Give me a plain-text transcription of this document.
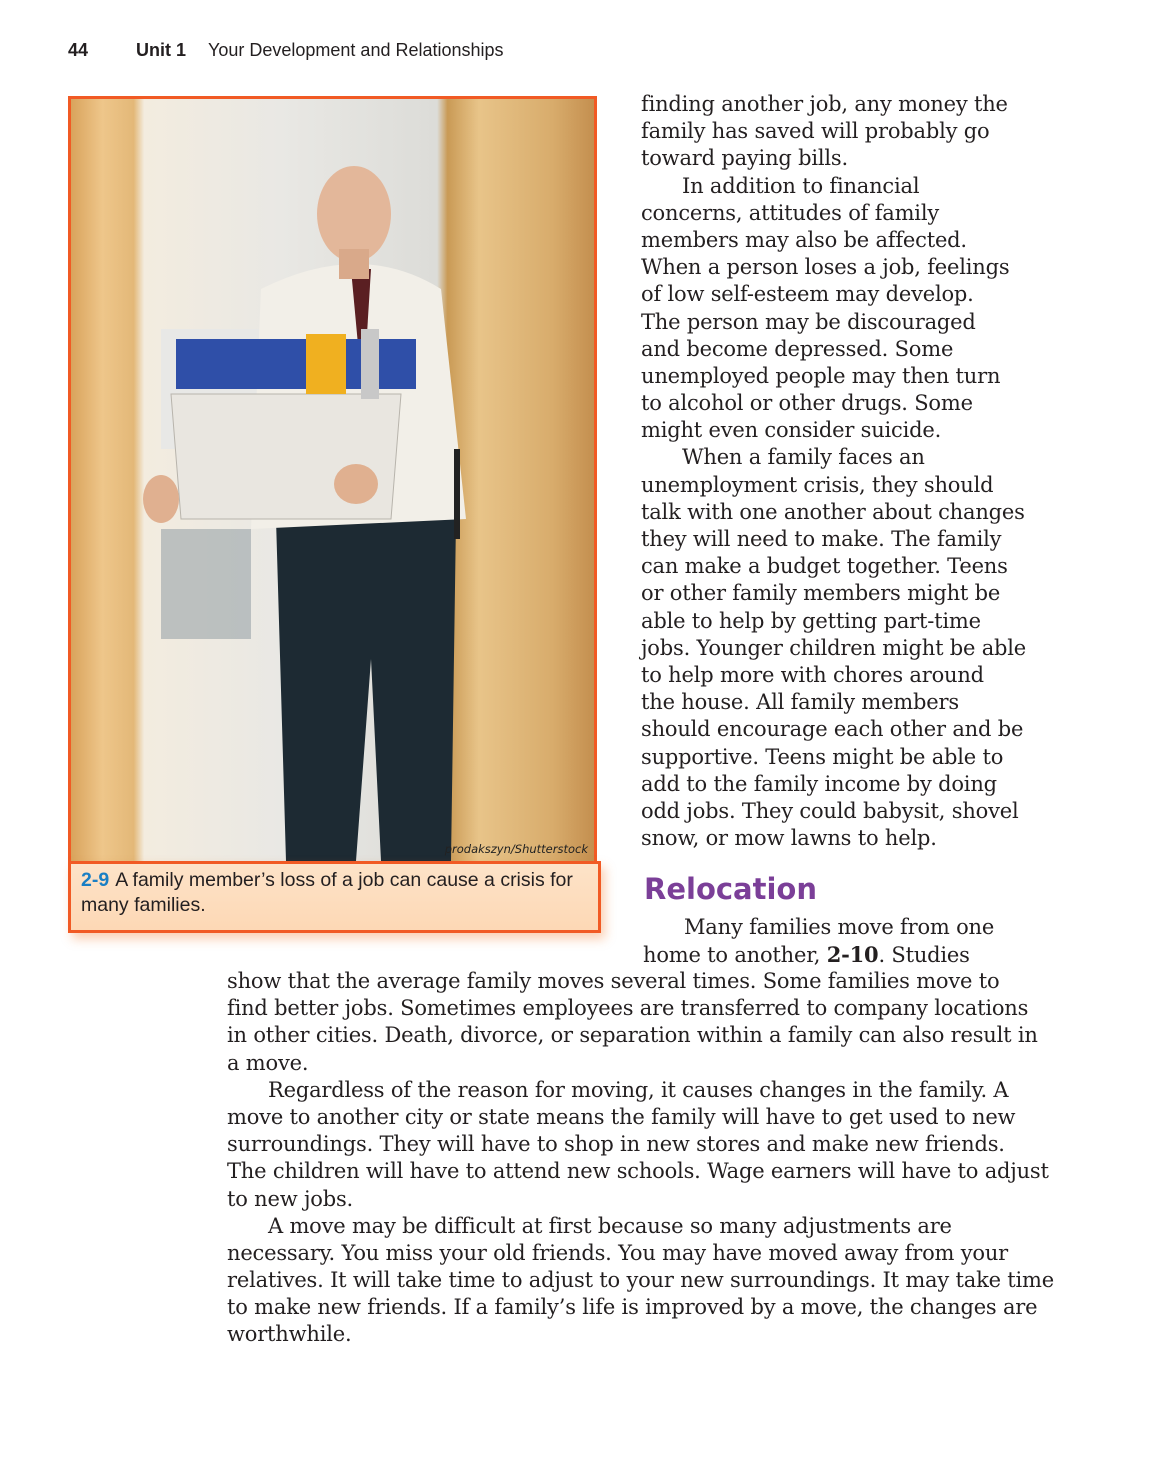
44	Unit 1 Your Development and Relationships
prodakszyn/Shutterstock
2-9 A family member’s loss of a job can cause a crisis for many families.
finding another job, any money the
family has saved will probably go
toward paying bills.
In addition to financial
concerns, attitudes of family
members may also be affected.
When a person loses a job, feelings
of low self-esteem may develop.
The person may be discouraged
and become depressed. Some
unemployed people may then turn
to alcohol or other drugs. Some
might even consider suicide.
When a family faces an
unemployment crisis, they should
talk with one another about changes
they will need to make. The family
can make a budget together. Teens
or other family members might be
able to help by getting part-time
jobs. Younger children might be able
to help more with chores around
the house. All family members
should encourage each other and be
supportive. Teens might be able to
add to the family income by doing
odd jobs. They could babysit, shovel
snow, or mow lawns to help.
Relocation
Many families move from one
home to another, 2-10. Studies
show that the average family moves several times. Some families move to
find better jobs. Sometimes employees are transferred to company locations
in other cities. Death, divorce, or separation within a family can also result in
a move.
Regardless of the reason for moving, it causes changes in the family. A
move to another city or state means the family will have to get used to new
surroundings. They will have to shop in new stores and make new friends.
The children will have to attend new schools. Wage earners will have to adjust
to new jobs.
A move may be difficult at first because so many adjustments are
necessary. You miss your old friends. You may have moved away from your
relatives. It will take time to adjust to your new surroundings. It may take time
to make new friends. If a family’s life is improved by a move, the changes are
worthwhile.
